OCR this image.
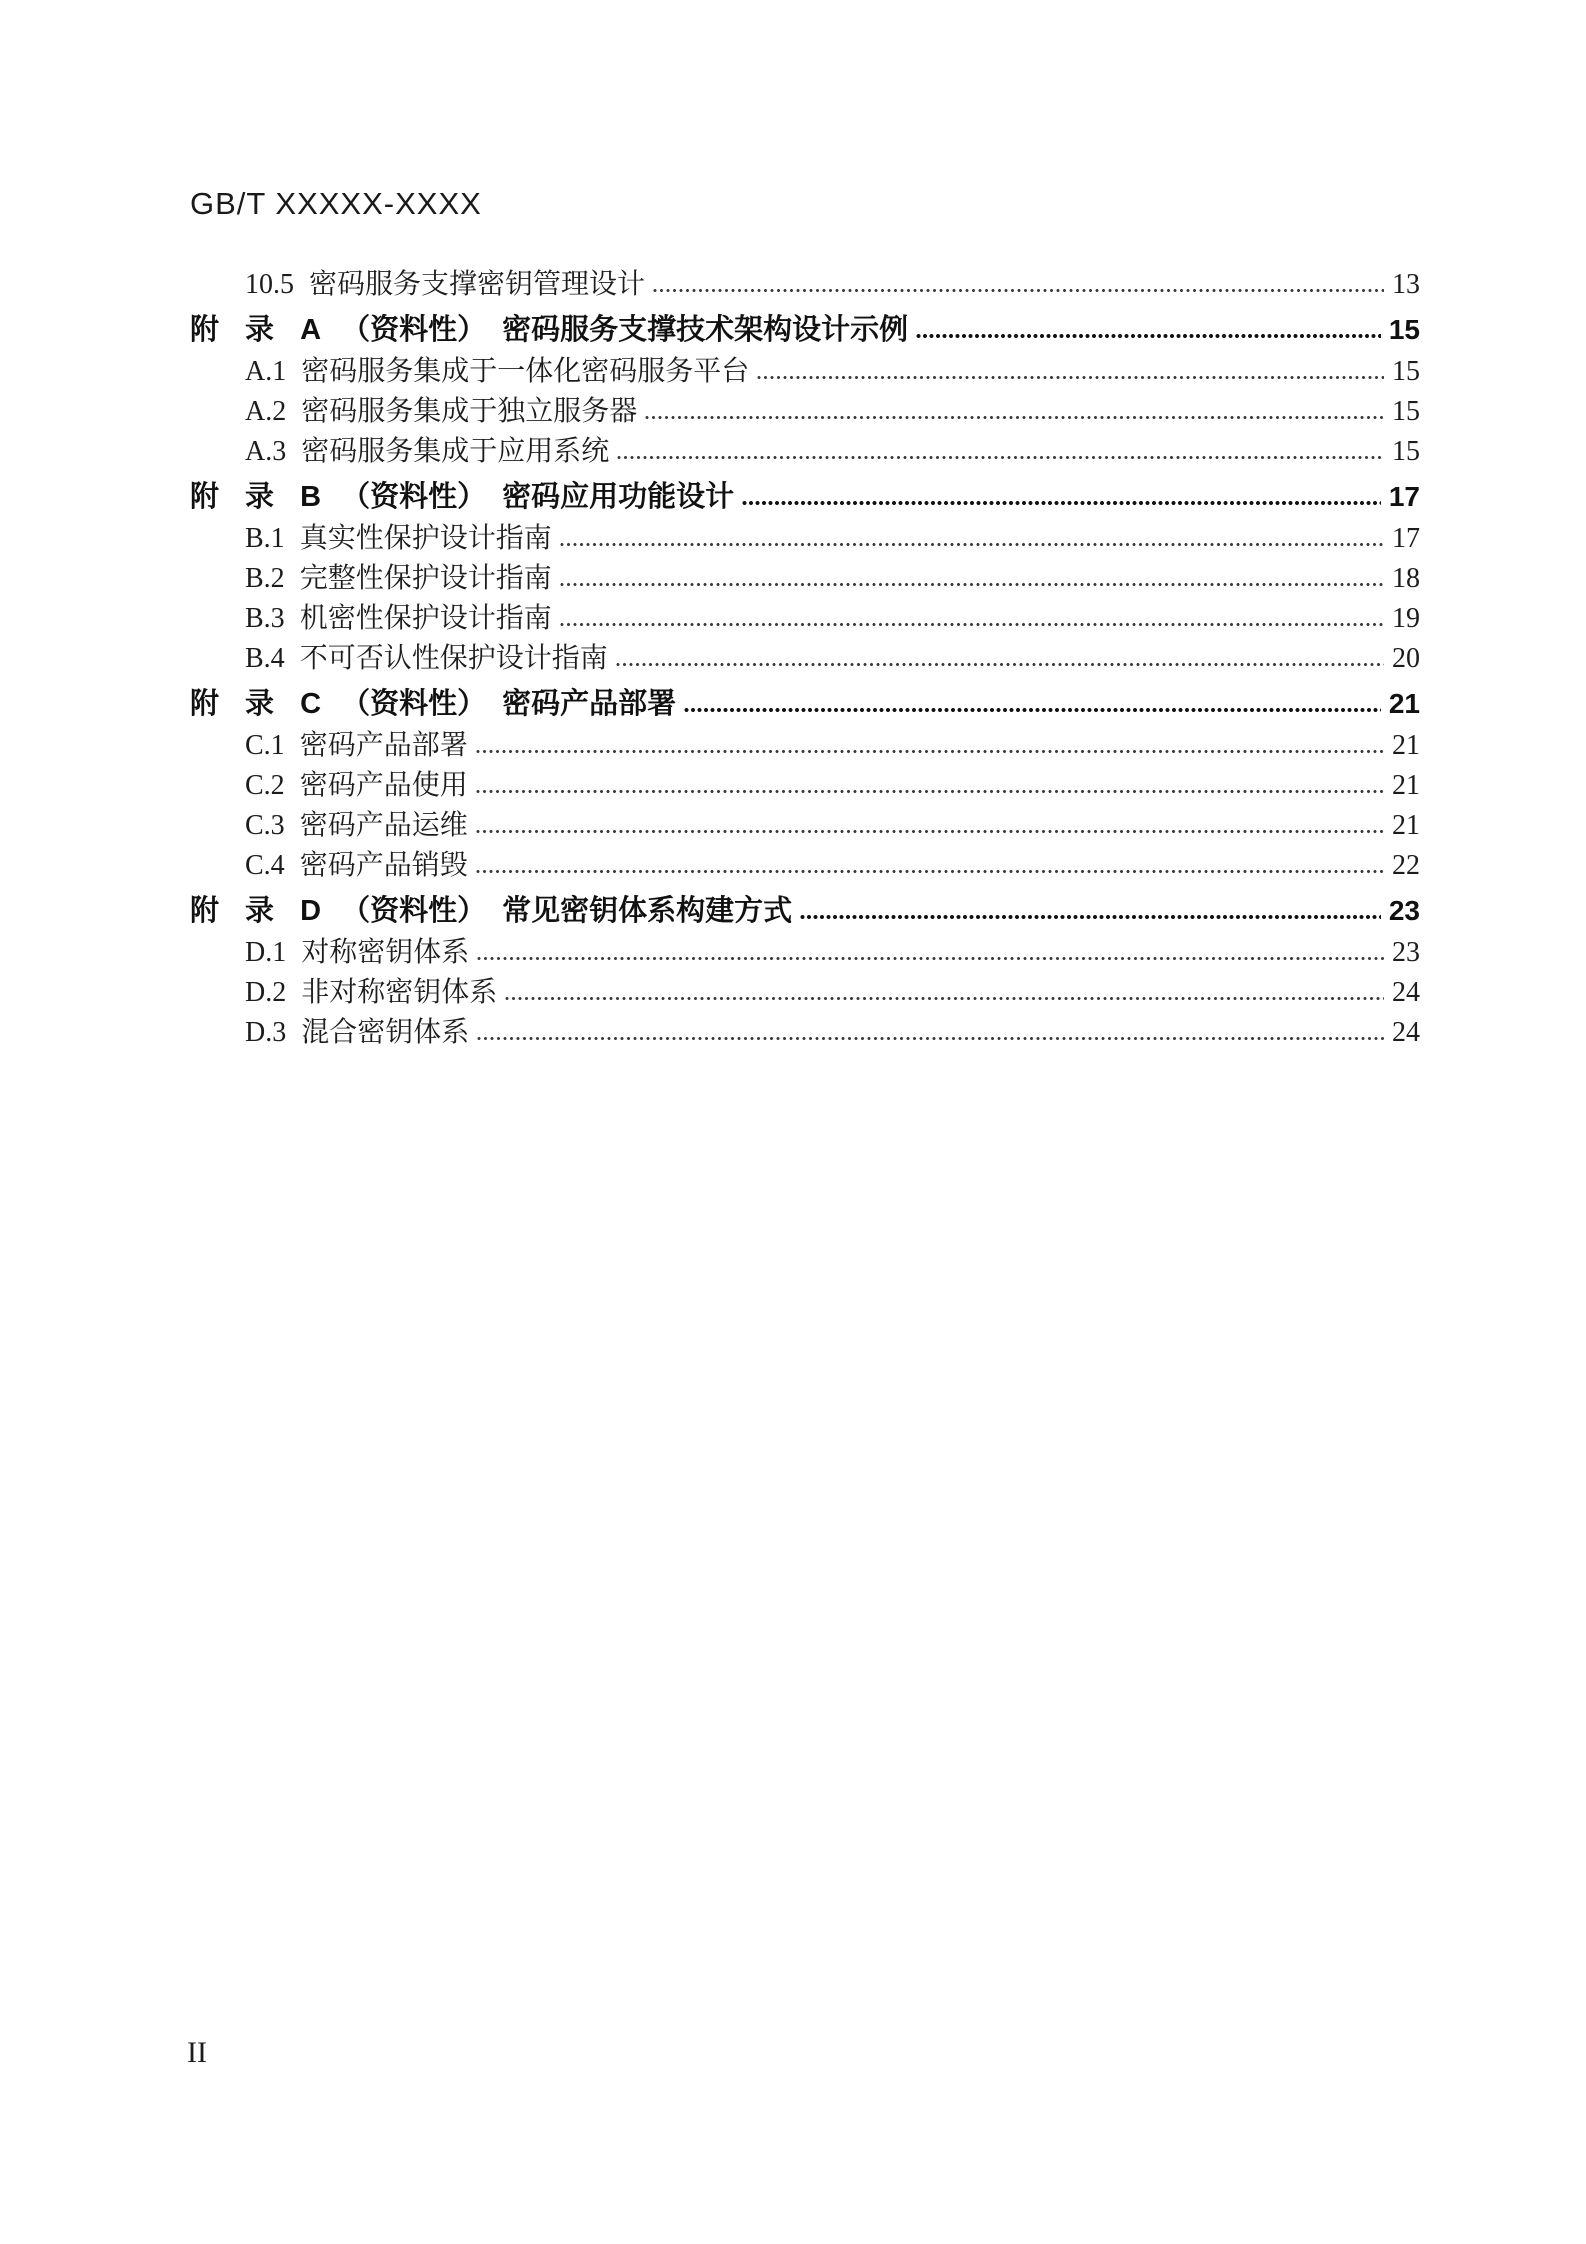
GB/T XXXXX-XXXX
10.5 密码服务支撑密钥管理设计	13
附 录 A （资料性） 密码服务支撑技术架构设计示例	15
A.1 密码服务集成于一体化密码服务平台	15
A.2 密码服务集成于独立服务器	15
A.3 密码服务集成于应用系统	15
附 录 B （资料性） 密码应用功能设计	17
B.1 真实性保护设计指南	17
B.2 完整性保护设计指南	18
B.3 机密性保护设计指南	19
B.4 不可否认性保护设计指南	20
附 录 C （资料性） 密码产品部署	21
C.1 密码产品部署	21
C.2 密码产品使用	21
C.3 密码产品运维	21
C.4 密码产品销毁	22
附 录 D （资料性） 常见密钥体系构建方式	23
D.1 对称密钥体系	23
D.2 非对称密钥体系	24
D.3 混合密钥体系	24
II
